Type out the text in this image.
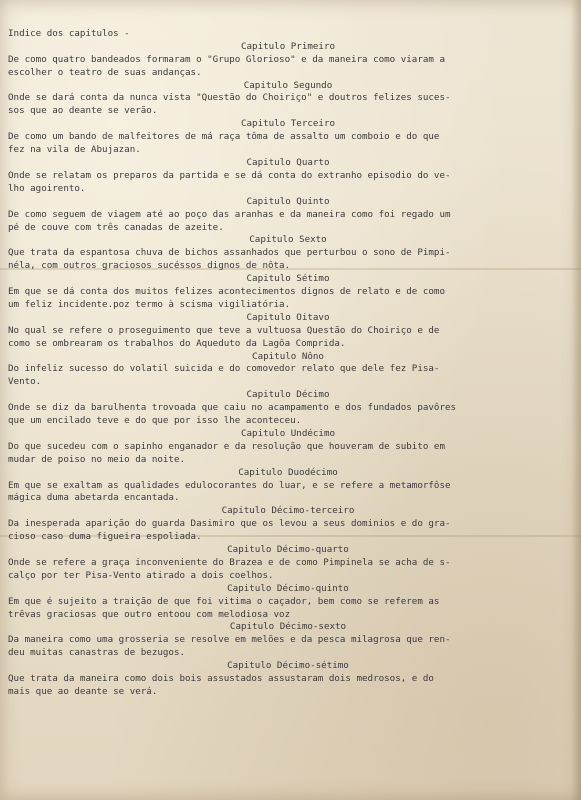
Indice dos capitulos -
Capitulo Primeiro
De como quatro bandeados formaram o "Grupo Glorioso" e da maneira como viaram a
escolher o teatro de suas andanças.
Capitulo Segundo
Onde se dará conta da nunca vista "Questão do Choiriço" e doutros felizes suces-
sos que ao deante se verão.
Capitulo Terceiro
De como um bando de malfeitores de má raça tôma de assalto um comboio e do que
fez na vila de Abujazan.
Capitulo Quarto
Onde se relatam os preparos da partida e se dá conta do extranho episodio do ve-
lho agoirento.
Capitulo Quinto
De como seguem de viagem até ao poço das aranhas e da maneira como foi regado um
pé de couve com três canadas de azeite.
Capitulo Sexto
Que trata da espantosa chuva de bichos assanhados que perturbou o sono de Pimpi-
néla, com outros graciosos sucéssos dignos de nôta.
Capitulo Sétimo
Em que se dá conta dos muitos felizes acontecimentos dignos de relato e de como
um feliz incidente.poz termo à scisma vigiliatória.
Capitulo Oitavo
No qual se refere o proseguimento que teve a vultuosa Questão do Choiriço e de
como se ombrearam os trabalhos do Aqueduto da Lagôa Comprida.
Capitulo Nôno
Do infeliz sucesso do volatil suicida e do comovedor relato que dele fez Pisa-
Vento.
Capitulo Décimo
Onde se diz da barulhenta trovoada que caiu no acampamento e dos fundados pavôres
que um encilado teve e do que por isso lhe aconteceu.
Capitulo Undécimo
Do que sucedeu com o sapinho enganador e da resolução que houveram de subito em
mudar de poiso no meio da noite.
Capitulo Duodécimo
Em que se exaltam as qualidades edulocorantes do luar, e se refere a metamorfôse
mágica duma abetarda encantada.
Capitulo Décimo-terceiro
Da inesperada aparição do guarda Dasimiro que os levou a seus dominios e do gra-
cioso caso duma figueira espoliada.
Capitulo Décimo-quarto
Onde se refere a graça inconveniente do Brazea e de como Pimpinela se acha de s-
calço por ter Pisa-Vento atirado a dois coelhos.
Capitulo Décimo-quinto
Em que é sujeito a traição de que foi vitima o caçador, bem como se referem as
trêvas graciosas que outro entoou com melodiosa voz
Capitulo Décimo-sexto
Da maneira como uma grosseria se resolve em melões e da pesca milagrosa que ren-
deu muitas canastras de bezugos.
Capitulo Décimo-sétimo
Que trata da maneira como dois bois assustados assustaram dois medrosos, e do
mais que ao deante se verá.
